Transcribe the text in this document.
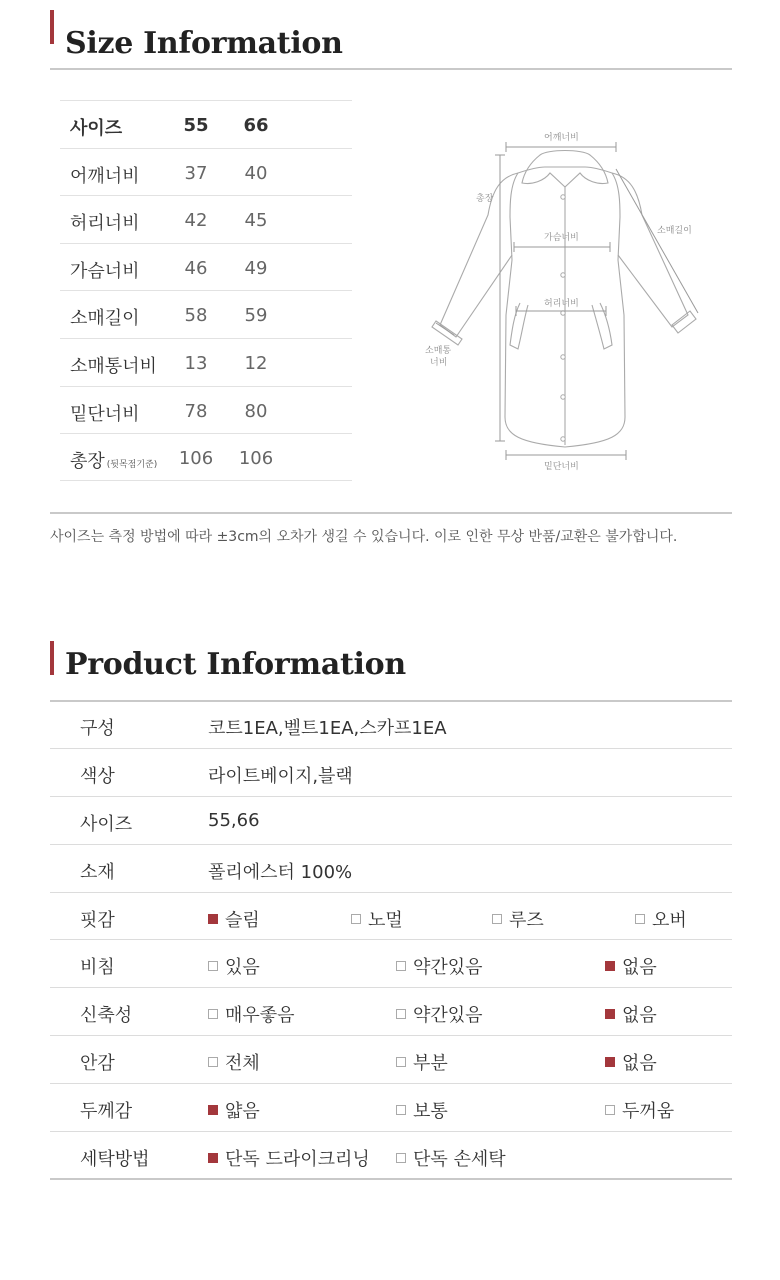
Size Information
사이즈	55	66
어깨너비	37	40
허리너비	42	45
가슴너비	46	49
소매길이	58	59
소매통너비	13	12
밑단너비	78	80
총장 (뒷목점기준) 106 106
어깨너비
총장
소매길이
가슴너비
허리너비
소매통
너비
밑단너비
사이즈는 측정 방법에 따라 ±3cm의 오차가 생길 수 있습니다. 이로 인한 무상 반품/교환은 불가합니다.
Product Information
구성	코트1EA,벨트1EA,스카프1EA
색상	라이트베이지,블랙
사이즈	55,66
소재	폴리에스터 100%
핏감	슬림	노멀	루즈	오버
비침	있음	약간있음	없음
신축성	매우좋음	약간있음	없음
안감	전체	부분	없음
두께감	얇음	보통	두꺼움
세탁방법	단독 드라이크리닝	단독 손세탁
